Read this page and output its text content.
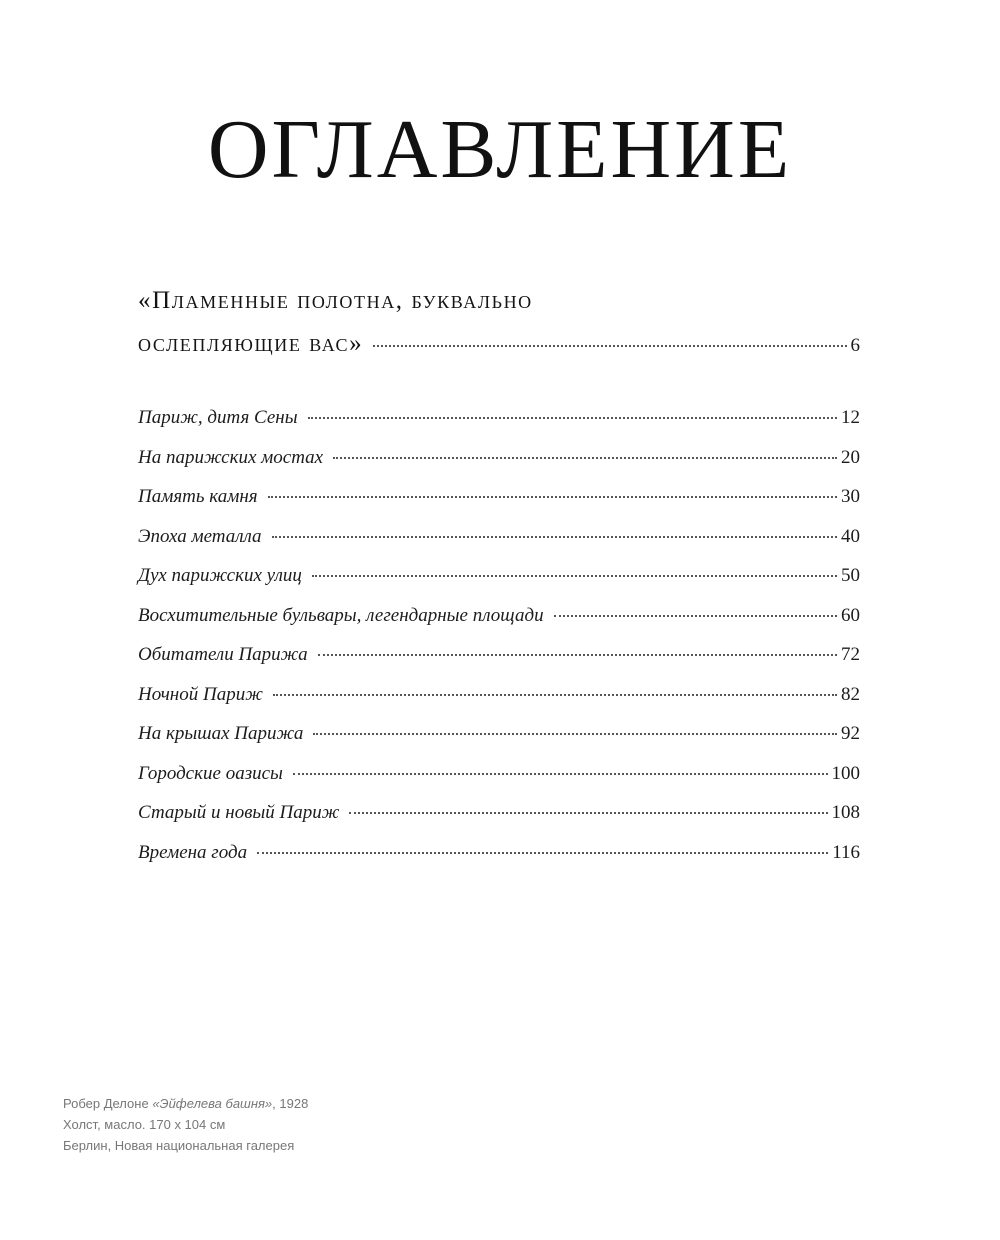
ОГЛАВЛЕНИЕ
«Пламенные полотна, буквально
ослепляющие вас»	6
Париж, дитя Сены	12
На парижских мостах	20
Память камня	30
Эпоха металла	40
Дух парижских улиц	50
Восхитительные бульвары, легендарные площади	60
Обитатели Парижа	72
Ночной Париж	82
На крышах Парижа	92
Городские оазисы	100
Старый и новый Париж	108
Времена года	116
Робер Делоне «Эйфелева башня», 1928
Холст, масло. 170 x 104 см
Берлин, Новая национальная галерея
